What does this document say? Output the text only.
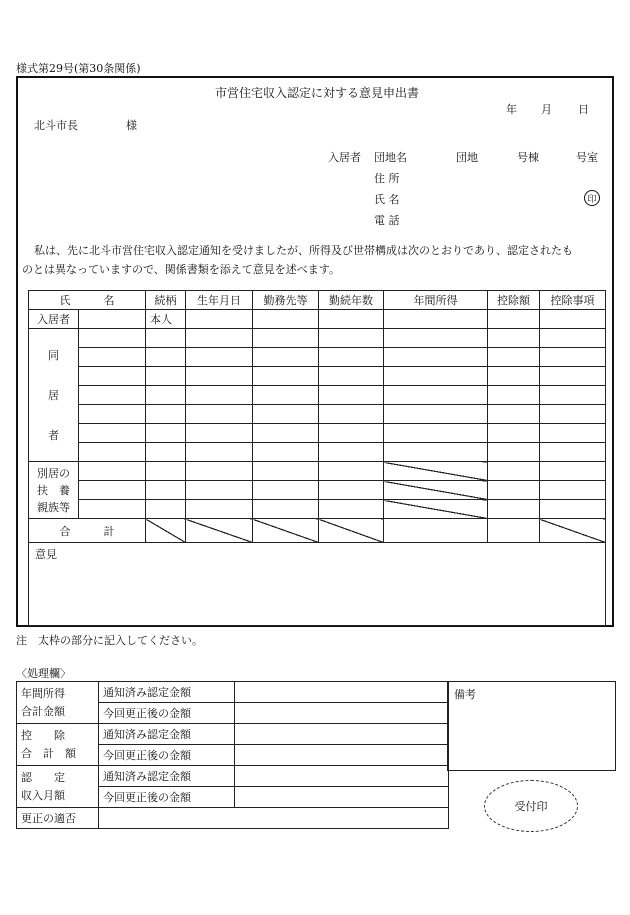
様式第29号(第30条関係)
市営住宅収入認定に対する意見申出書
年 月 日
北斗市長	様
入居者 団地名	団地	号棟	号室
住 所
氏 名	印
電 話
私は、先に北斗市営住宅収入認定通知を受けましたが、所得及び世帯構成は次のとおりであり、認定されたも
のとは異なっていますので、関係書類を添えて意見を述べます。
氏　　　名		続柄	生年月日	勤務先等	勤続年数	年間所得	控除額	控除事項
入居者		本人						

同
居
者								

別居の
扶　養
親族等								

合　　　計								
意見								
注　太枠の部分に記入してください。
〈処理欄〉
年間所得
合計金額	通知済み認定金額	
	今回更正後の金額	

控　　除
合　計　額	通知済み認定金額	
	今回更正後の金額	

認　　定
収入月額	通知済み認定金額	
	今回更正後の金額	
更正の適否		
備考
受付印
